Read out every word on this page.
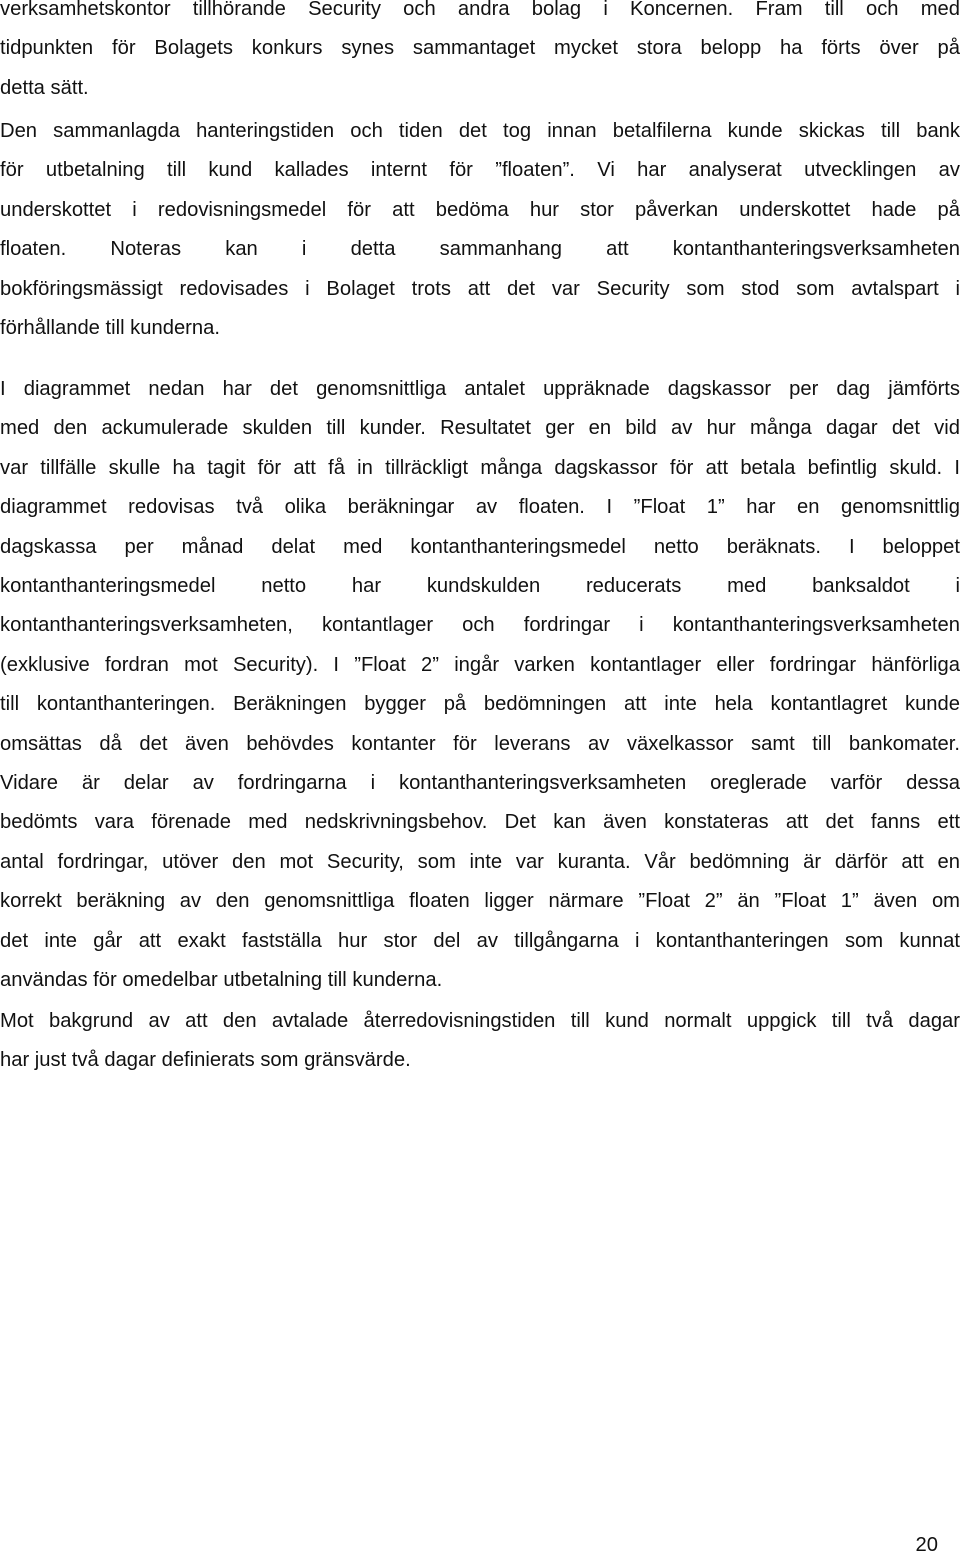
verksamhetskontor tillhörande Security och andra bolag i Koncernen. Fram till och med
tidpunkten för Bolagets konkurs synes sammantaget mycket stora belopp ha förts över på
detta sätt.
Den sammanlagda hanteringstiden och tiden det tog innan betalfilerna kunde skickas till bank
för utbetalning till kund kallades internt för ”floaten”. Vi har analyserat utvecklingen av
underskottet i redovisningsmedel för att bedöma hur stor påverkan underskottet hade på
floaten. Noteras kan i detta sammanhang att kontanthanteringsverksamheten
bokföringsmässigt redovisades i Bolaget trots att det var Security som stod som avtalspart i
förhållande till kunderna.
I diagrammet nedan har det genomsnittliga antalet uppräknade dagskassor per dag jämförts
med den ackumulerade skulden till kunder. Resultatet ger en bild av hur många dagar det vid
var tillfälle skulle ha tagit för att få in tillräckligt många dagskassor för att betala befintlig skuld. I
diagrammet redovisas två olika beräkningar av floaten. I ”Float 1” har en genomsnittlig
dagskassa per månad delat med kontanthanteringsmedel netto beräknats. I beloppet
kontanthanteringsmedel netto har kundskulden reducerats med banksaldot i
kontanthanteringsverksamheten, kontantlager och fordringar i kontanthanteringsverksamheten
(exklusive fordran mot Security). I ”Float 2” ingår varken kontantlager eller fordringar hänförliga
till kontanthanteringen. Beräkningen bygger på bedömningen att inte hela kontantlagret kunde
omsättas då det även behövdes kontanter för leverans av växelkassor samt till bankomater.
Vidare är delar av fordringarna i kontanthanteringsverksamheten oreglerade varför dessa
bedömts vara förenade med nedskrivningsbehov. Det kan även konstateras att det fanns ett
antal fordringar, utöver den mot Security, som inte var kuranta. Vår bedömning är därför att en
korrekt beräkning av den genomsnittliga floaten ligger närmare ”Float 2” än ”Float 1” även om
det inte går att exakt fastställa hur stor del av tillgångarna i kontanthanteringen som kunnat
användas för omedelbar utbetalning till kunderna.
Mot bakgrund av att den avtalade återredovisningstiden till kund normalt uppgick till två dagar
har just två dagar definierats som gränsvärde.
20
